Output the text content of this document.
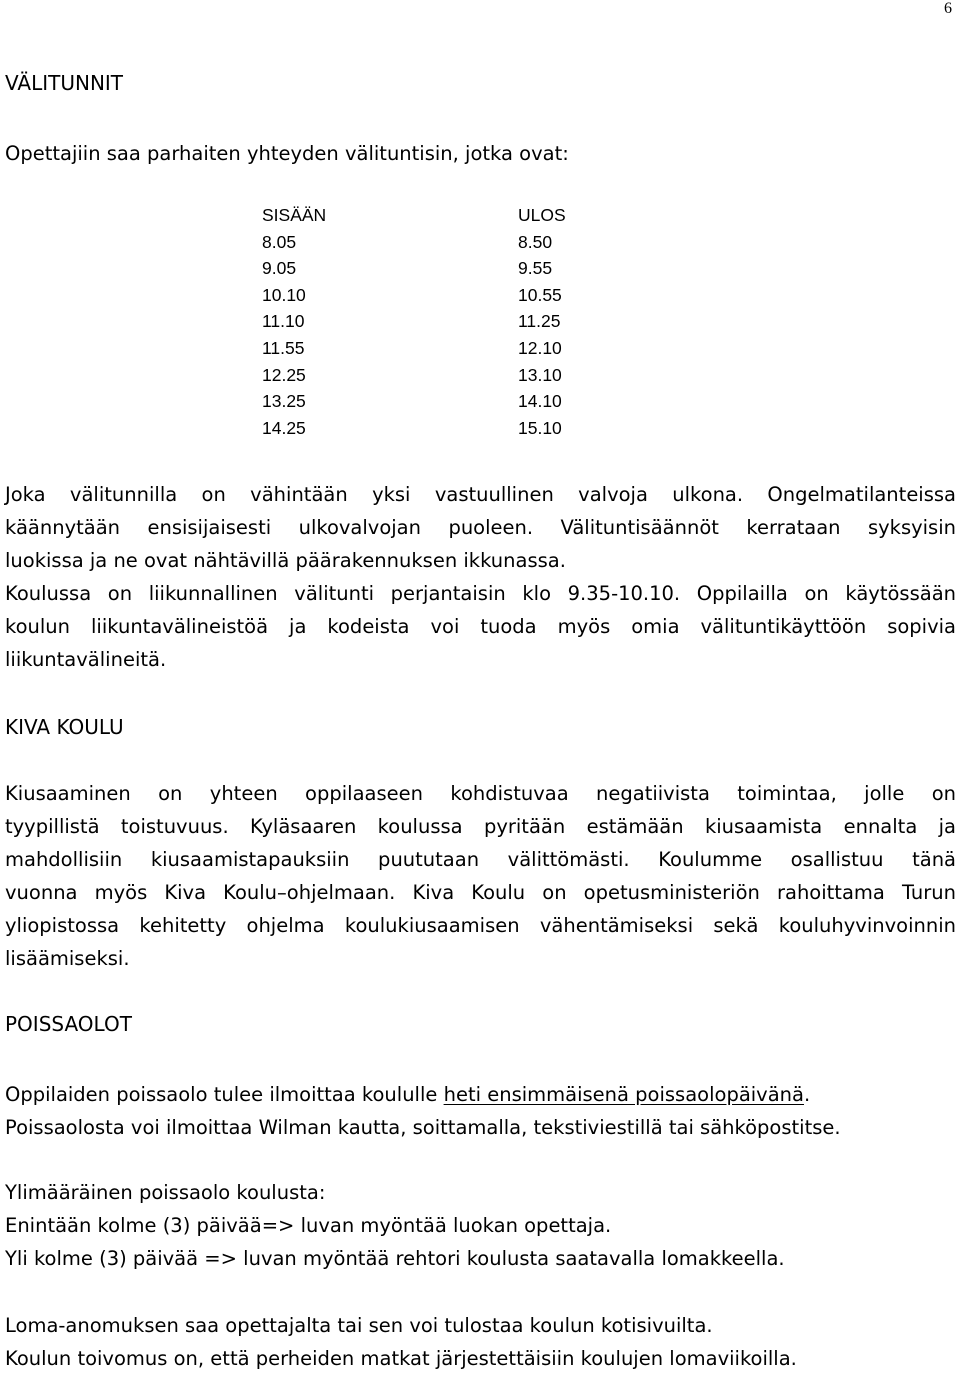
6
VÄLITUNNIT
Opettajiin saa parhaiten yhteyden välituntisin, jotka ovat:
SISÄÄN
8.05
9.05
10.10
11.10
11.55
12.25
13.25
14.25
ULOS
8.50
9.55
10.55
11.25
12.10
13.10
14.10
15.10
Joka välitunnilla on vähintään yksi vastuullinen valvoja ulkona. Ongelmatilanteissa
käännytään ensisijaisesti ulkovalvojan puoleen. Välituntisäännöt kerrataan syksyisin
luokissa ja ne ovat nähtävillä päärakennuksen ikkunassa.
Koulussa on liikunnallinen välitunti perjantaisin klo 9.35-10.10. Oppilailla on käytössään
koulun liikuntavälineistöä ja kodeista voi tuoda myös omia välituntikäyttöön sopivia
liikuntavälineitä.
KIVA KOULU
Kiusaaminen on yhteen oppilaaseen kohdistuvaa negatiivista toimintaa, jolle on
tyypillistä toistuvuus. Kyläsaaren koulussa pyritään estämään kiusaamista ennalta ja
mahdollisiin kiusaamistapauksiin puututaan välittömästi. Koulumme osallistuu tänä
vuonna myös Kiva Koulu–ohjelmaan. Kiva Koulu on opetusministeriön rahoittama Turun
yliopistossa kehitetty ohjelma koulukiusaamisen vähentämiseksi sekä kouluhyvinvoinnin
lisäämiseksi.
POISSAOLOT
Oppilaiden poissaolo tulee ilmoittaa koululle heti ensimmäisenä poissaolopäivänä.
Poissaolosta voi ilmoittaa Wilman kautta, soittamalla, tekstiviestillä tai sähköpostitse.
Ylimääräinen poissaolo koulusta:
Enintään kolme (3) päivää=> luvan myöntää luokan opettaja.
Yli kolme (3) päivää => luvan myöntää rehtori koulusta saatavalla lomakkeella.
Loma-anomuksen saa opettajalta tai sen voi tulostaa koulun kotisivuilta.
Koulun toivomus on, että perheiden matkat järjestettäisiin koulujen lomaviikoilla.
